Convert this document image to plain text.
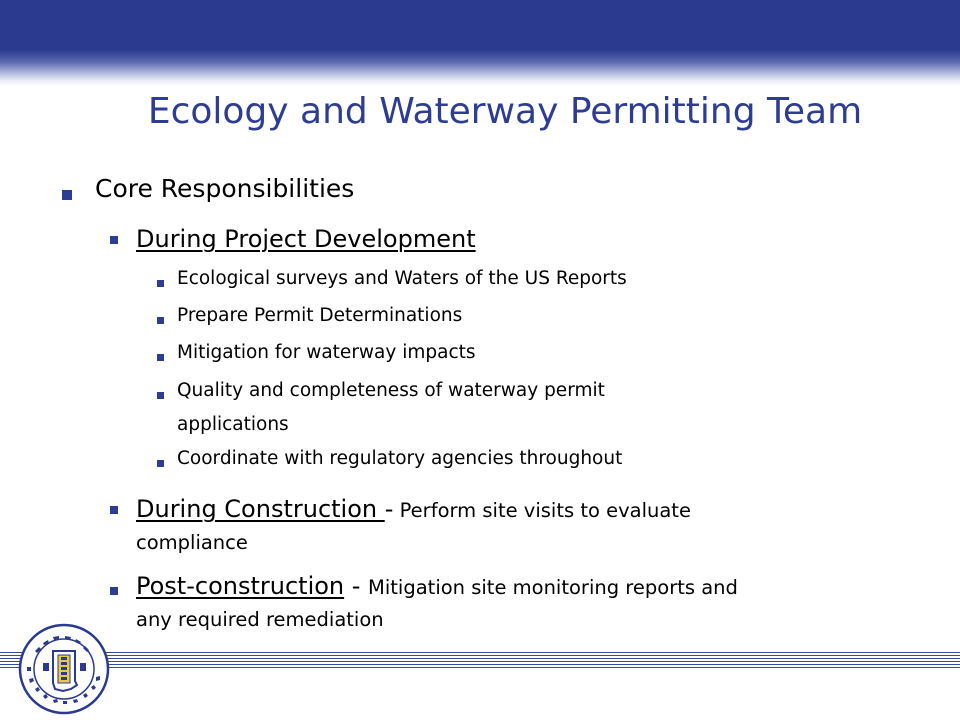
Ecology and Waterway Permitting Team
Core Responsibilities
During Project Development
Ecological surveys and Waters of the US Reports
Prepare Permit Determinations
Mitigation for waterway impacts
Quality and completeness of waterway permit
applications
Coordinate with regulatory agencies throughout
During Construction - Perform site visits to evaluate
compliance
Post-construction - Mitigation site monitoring reports and
any required remediation
